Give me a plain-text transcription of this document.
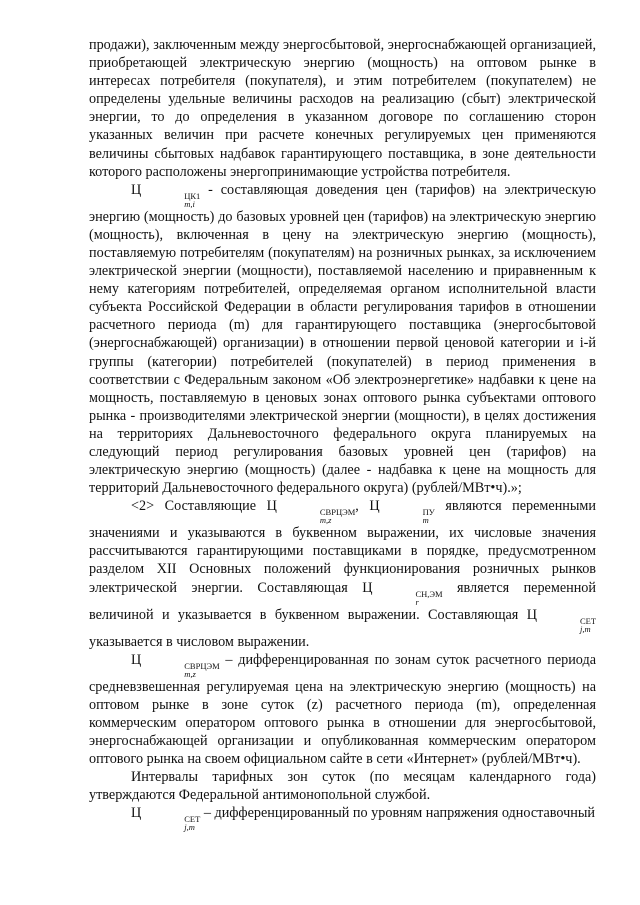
продажи), заключенным между энергосбытовой, энергоснабжающей организацией, приобретающей электрическую энергию (мощность) на оптовом рынке в интересах потребителя (покупателя), и этим потребителем (покупателем) не определены удельные величины расходов на реализацию (сбыт) электрической энергии, то до определения в указанном договоре по соглашению сторон указанных величин при расчете конечных регулируемых цен применяются величины сбытовых надбавок гарантирующего поставщика, в зоне деятельности которого расположены энергопринимающие устройства потребителя.

Ц	ЦК1
m,i
- составляющая доведения цен (тарифов) на электрическую энергию (мощность) до базовых уровней цен (тарифов) на электрическую энергию (мощность), включенная в цену на электрическую энергию (мощность), поставляемую потребителям (покупателям) на розничных рынках, за исключением электрической энергии (мощности), поставляемой населению и приравненным к нему категориям потребителей, определяемая органом исполнительной власти субъекта Российской Федерации в области регулирования тарифов в отношении расчетного периода (m) для гарантирующего поставщика (энергосбытовой (энергоснабжающей) организации) в отношении первой ценовой категории и i-й группы (категории) потребителей (покупателей) в период применения в соответствии с Федеральным законом «Об электроэнергетике» надбавки к цене на мощность, поставляемую в ценовых зонах оптового рынка субъектами оптового рынка - производителями электрической энергии (мощности), в целях достижения на территориях Дальневосточного федерального округа планируемых на следующий период регулирования базовых уровней цен (тарифов) на электрическую энергию (мощность) (далее - надбавка к цене на мощность для территорий Дальневосточного федерального округа) (рублей/МВт•ч).»;

<2> Составляющие Ц	СВРЦЭМ
m,z
, Ц	ПУ
m
являются переменными значениями и указываются в буквенном выражении, их числовые значения рассчитываются гарантирующими поставщиками в порядке, предусмотренном разделом XII Основных положений функционирования розничных рынков электрической энергии. Составляющая Ц	СН,ЭМ
r
является переменной величиной и указывается в буквенном выражении. Составляющая Ц	СЕТ
j,m
указывается в числовом выражении.

Ц	СВРЦЭМ
m,z
– дифференцированная по зонам суток расчетного периода средневзвешенная регулируемая цена на электрическую энергию (мощность) на оптовом рынке в зоне суток (z) расчетного периода (m), определенная коммерческим оператором оптового рынка в отношении для энергосбытовой, энергоснабжающей организации и опубликованная коммерческим оператором оптового рынка на своем официальном сайте в сети «Интернет» (рублей/МВт•ч).

Интервалы тарифных зон суток (по месяцам календарного года) утверждаются Федеральной антимонопольной службой.

Ц	СЕТ
j,m
– дифференцированный по уровням напряжения одноставочный
